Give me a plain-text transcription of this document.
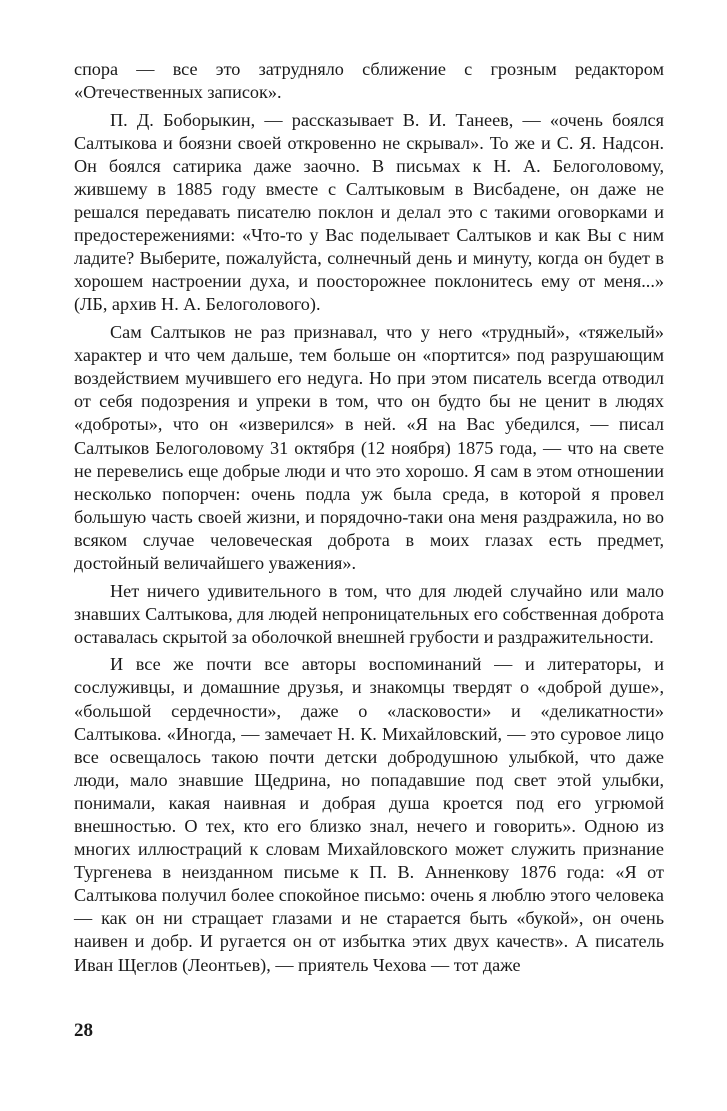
спора — все это затрудняло сближение с грозным редактором «Отечественных записок».

П. Д. Боборыкин, — рассказывает В. И. Танеев, — «очень боялся Салтыкова и боязни своей откровенно не скрывал». То же и С. Я. Надсон. Он боялся сатирика даже заочно. В письмах к Н. А. Белоголовому, жившему в 1885 году вместе с Салтыковым в Висбадене, он даже не решался передавать писателю поклон и делал это с такими оговорками и предостережениями: «Что-то у Вас поделывает Салтыков и как Вы с ним ладите? Выберите, пожалуйста, солнечный день и минуту, когда он будет в хорошем настроении духа, и поосторожнее поклонитесь ему от меня...» (ЛБ, архив Н. А. Белоголового).

Сам Салтыков не раз признавал, что у него «трудный», «тяжелый» характер и что чем дальше, тем больше он «портится» под разрушающим воздействием мучившего его недуга. Но при этом писатель всегда отводил от себя подозрения и упреки в том, что он будто бы не ценит в людях «доброты», что он «изверился» в ней. «Я на Вас убедился, — писал Салтыков Белоголовому 31 октября (12 ноября) 1875 года, — что на свете не перевелись еще добрые люди и что это хорошо. Я сам в этом отношении несколько попорчен: очень подла уж была среда, в которой я провел большую часть своей жизни, и порядочно-таки она меня раздражила, но во всяком случае человеческая доброта в моих глазах есть предмет, достойный величайшего уважения».

Нет ничего удивительного в том, что для людей случайно или мало знавших Салтыкова, для людей непроницательных его собственная доброта оставалась скрытой за оболочкой внешней грубости и раздражительности.

И все же почти все авторы воспоминаний — и литераторы, и сослуживцы, и домашние друзья, и знакомцы твердят о «доброй душе», «большой сердечности», даже о «ласковости» и «деликатности» Салтыкова. «Иногда, — замечает Н. К. Михайловский, — это суровое лицо все освещалось такою почти детски добродушною улыбкой, что даже люди, мало знавшие Щедрина, но попадавшие под свет этой улыбки, понимали, какая наивная и добрая душа кроется под его угрюмой внешностью. О тех, кто его близко знал, нечего и говорить». Одною из многих иллюстраций к словам Михайловского может служить признание Тургенева в неизданном письме к П. В. Анненкову 1876 года: «Я от Салтыкова получил более спокойное письмо: очень я люблю этого человека — как он ни стращает глазами и не старается быть «букой», он очень наивен и добр. И ругается он от избытка этих двух качеств». А писатель Иван Щеглов (Леонтьев), — приятель Чехова — тот даже

28
